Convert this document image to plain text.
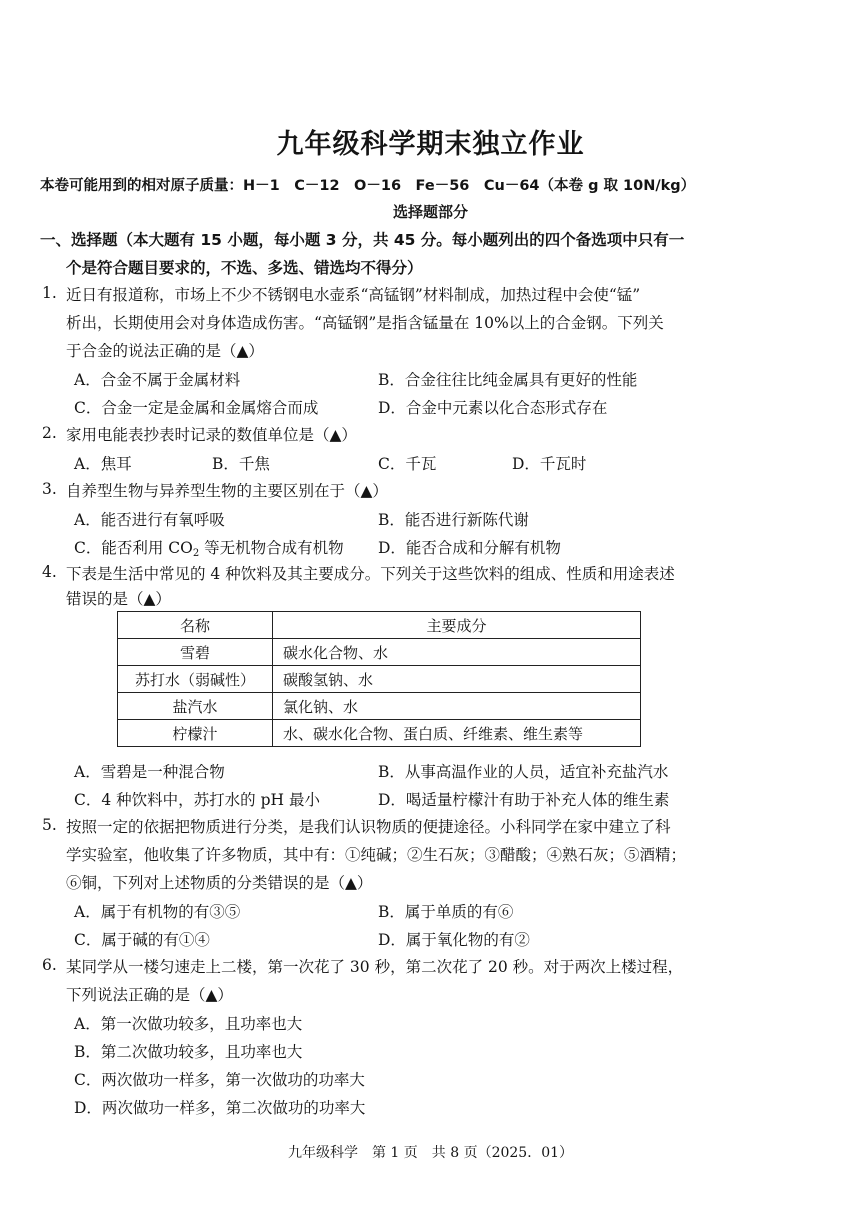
九年级科学期末独立作业
本卷可能用到的相对原子质量：H－1　C－12　O－16　Fe－56　Cu－64（本卷 g 取 10N/kg）
选择题部分
一、选择题（本大题有 15 小题，每小题 3 分，共 45 分。每小题列出的四个备选项中只有一
个是符合题目要求的，不选、多选、错选均不得分）
1. 近日有报道称，市场上不少不锈钢电水壶系“高锰钢”材料制成，加热过程中会使“锰”
析出，长期使用会对身体造成伤害。“高锰钢”是指含锰量在 10%以上的合金钢。下列关
于合金的说法正确的是（▲）
A．合金不属于金属材料	B．合金往往比纯金属具有更好的性能
C．合金一定是金属和金属熔合而成	D．合金中元素以化合态形式存在
2. 家用电能表抄表时记录的数值单位是（▲）
A．焦耳	B．千焦	C．千瓦	D．千瓦时
3. 自养型生物与异养型生物的主要区别在于（▲）
A．能否进行有氧呼吸	B．能否进行新陈代谢
C．能否利用 $CO_2$ 等无机物合成有机物 D．能否合成和分解有机物
4. 下表是生活中常见的 4 种饮料及其主要成分。下列关于这些饮料的组成、性质和用途表述
错误的是（▲）
名称	主要成分
雪碧	碳水化合物、水
苏打水（弱碱性）	碳酸氢钠、水
盐汽水	氯化钠、水
柠檬汁	水、碳水化合物、蛋白质、纤维素、维生素等
A．雪碧是一种混合物	B．从事高温作业的人员，适宜补充盐汽水
C．4 种饮料中，苏打水的 pH 最小	D．喝适量柠檬汁有助于补充人体的维生素
5. 按照一定的依据把物质进行分类，是我们认识物质的便捷途径。小科同学在家中建立了科
学实验室，他收集了许多物质，其中有：①纯碱；②生石灰；③醋酸；④熟石灰；⑤酒精；
⑥铜，下列对上述物质的分类错误的是（▲）
A．属于有机物的有③⑤	B．属于单质的有⑥
C．属于碱的有①④	D．属于氧化物的有②
6. 某同学从一楼匀速走上二楼，第一次花了 30 秒，第二次花了 20 秒。对于两次上楼过程，
下列说法正确的是（▲）
A．第一次做功较多，且功率也大
B．第二次做功较多，且功率也大
C．两次做功一样多，第一次做功的功率大
D．两次做功一样多，第二次做功的功率大
九年级科学　第 1 页　共 8 页（2025．01）
